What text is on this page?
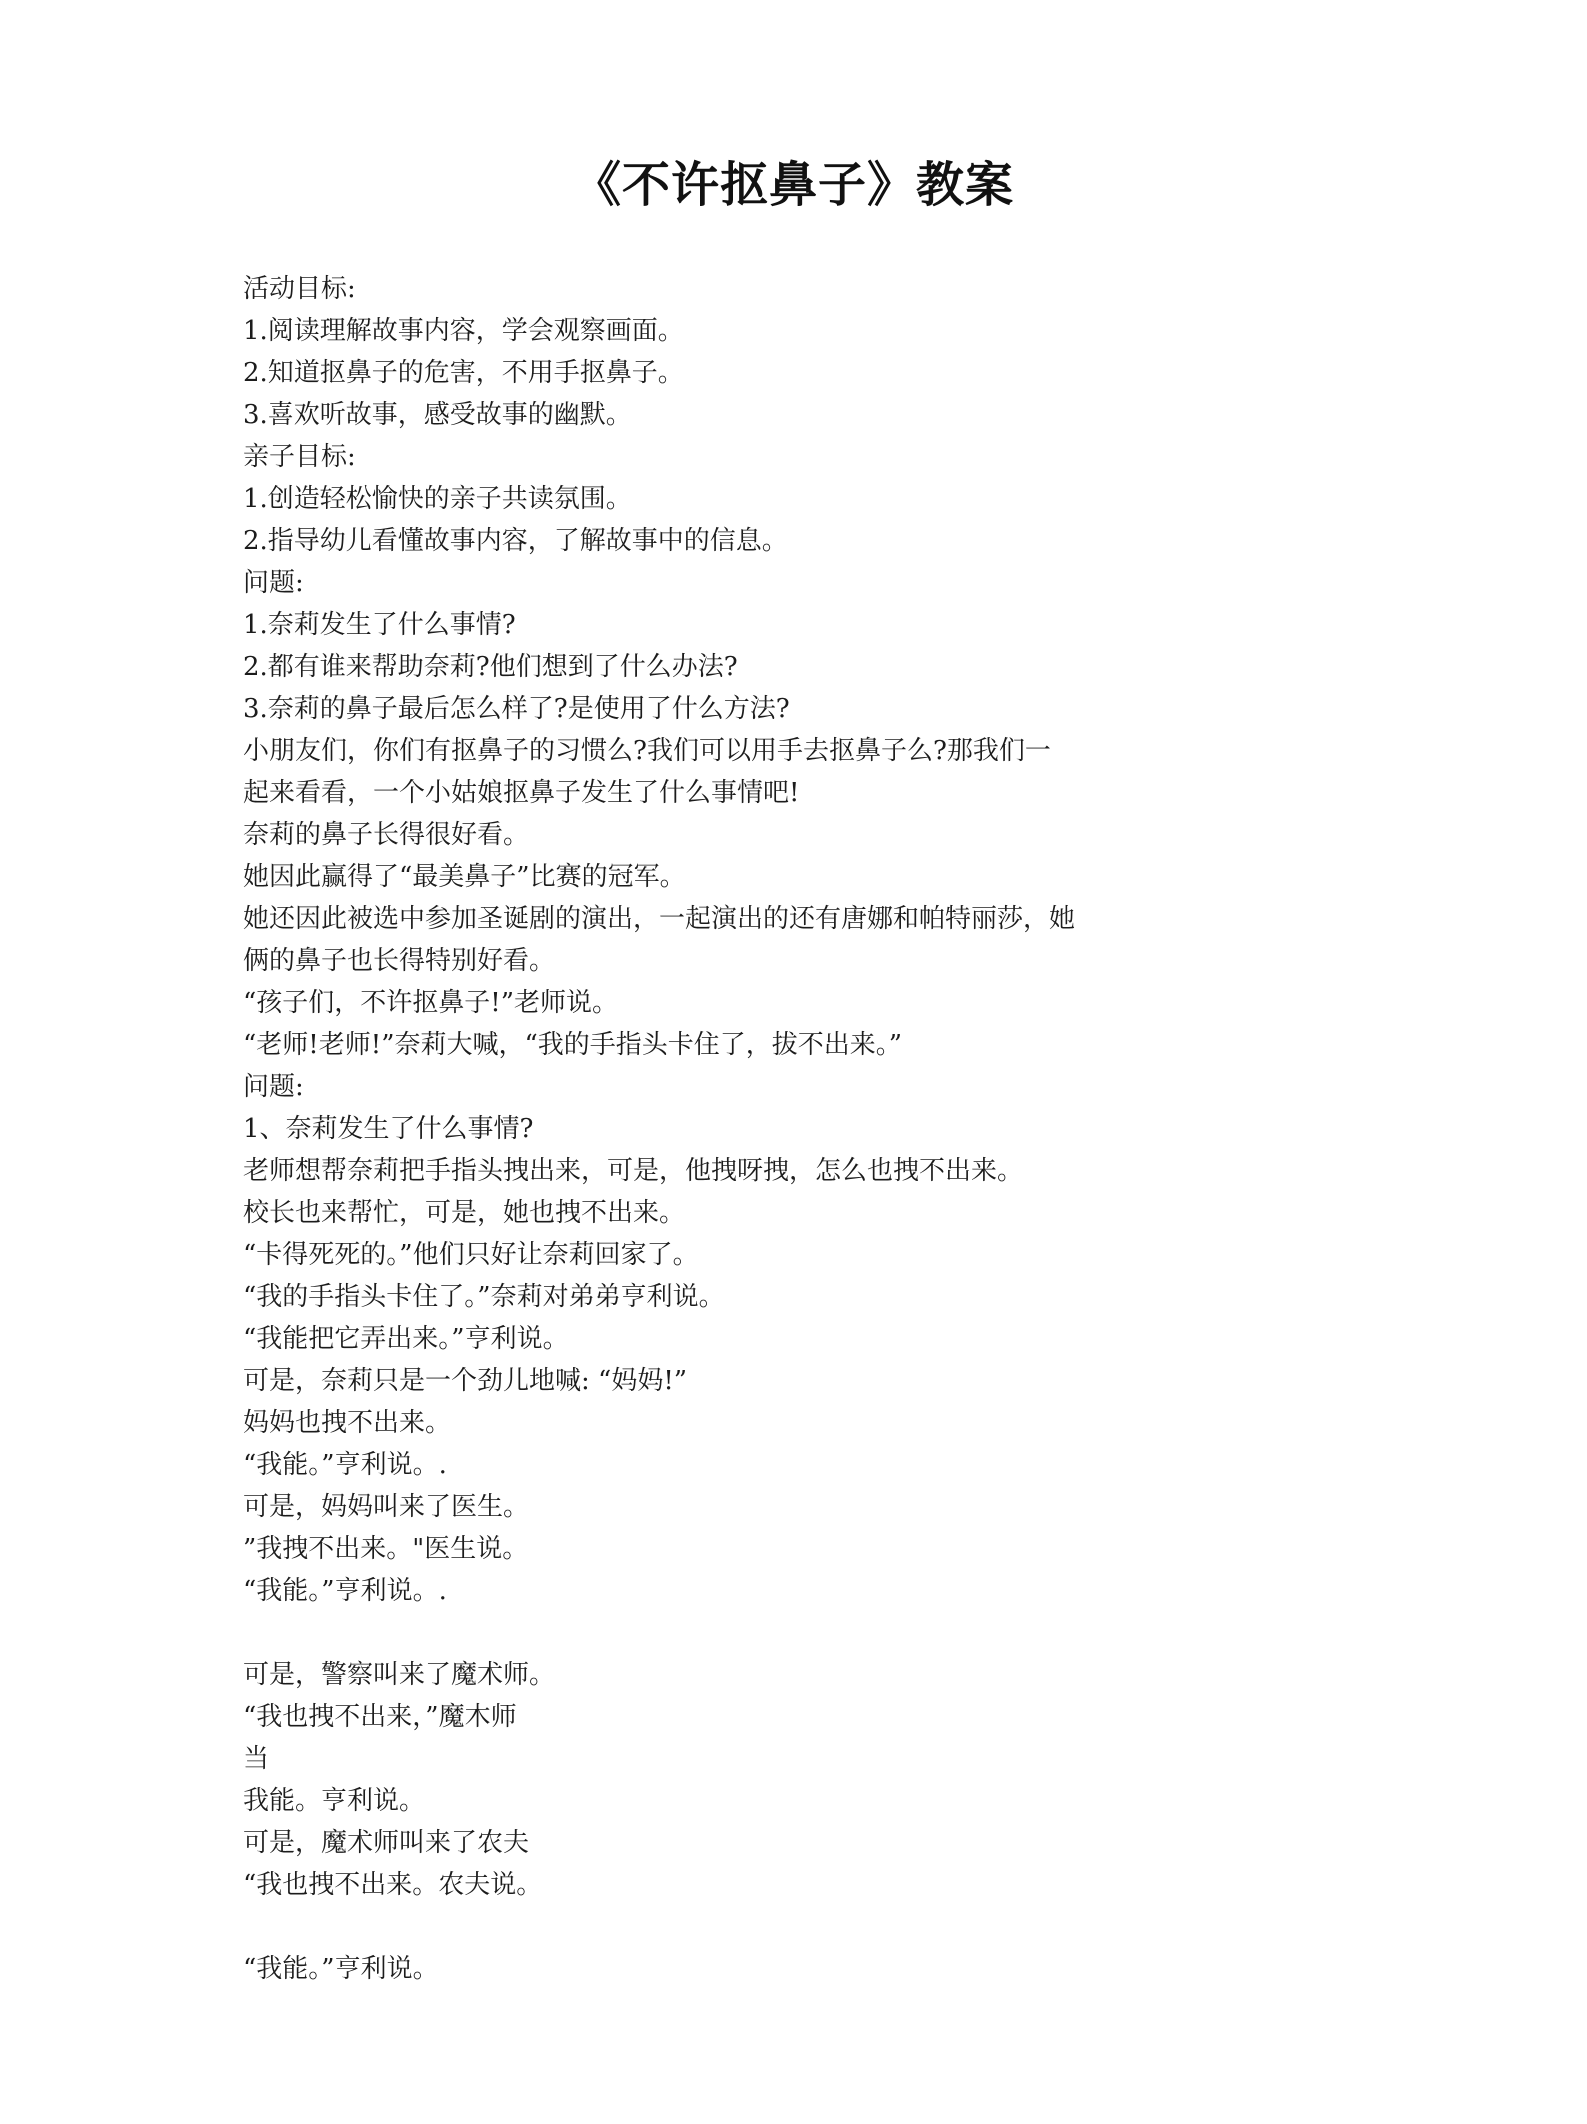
《不许抠鼻子》教案
活动目标:
1.阅读理解故事内容，学会观察画面。
2.知道抠鼻子的危害，不用手抠鼻子。
3.喜欢听故事，感受故事的幽默。
亲子目标:
1.创造轻松愉快的亲子共读氛围。
2.指导幼儿看懂故事内容，了解故事中的信息。
问题:
1.奈莉发生了什么事情?
2.都有谁来帮助奈莉?他们想到了什么办法?
3.奈莉的鼻子最后怎么样了?是使用了什么方法?
小朋友们，你们有抠鼻子的习惯么?我们可以用手去抠鼻子么?那我们一
起来看看，一个小姑娘抠鼻子发生了什么事情吧!
奈莉的鼻子长得很好看。
她因此赢得了“最美鼻子”比赛的冠军。
她还因此被选中参加圣诞剧的演出，一起演出的还有唐娜和帕特丽莎，她
俩的鼻子也长得特别好看。
“孩子们，不许抠鼻子!”老师说。
“老师!老师!”奈莉大喊，“我的手指头卡住了，拔不出来。”
问题:
1、奈莉发生了什么事情?
老师想帮奈莉把手指头拽出来，可是，他拽呀拽，怎么也拽不出来。
校长也来帮忙，可是，她也拽不出来。
“卡得死死的。”他们只好让奈莉回家了。
“我的手指头卡住了。”奈莉对弟弟亨利说。
“我能把它弄出来。”亨利说。
可是，奈莉只是一个劲儿地喊: “妈妈!”
妈妈也拽不出来。
“我能。”亨利说。.
可是，妈妈叫来了医生。
”我拽不出来。"医生说。
“我能。”亨利说。.
可是，警察叫来了魔术师。
“我也拽不出来，”魔木师
当
我能。亨利说。
可是，魔术师叫来了农夫
“我也拽不出来。农夫说。
“我能。”亨利说。
